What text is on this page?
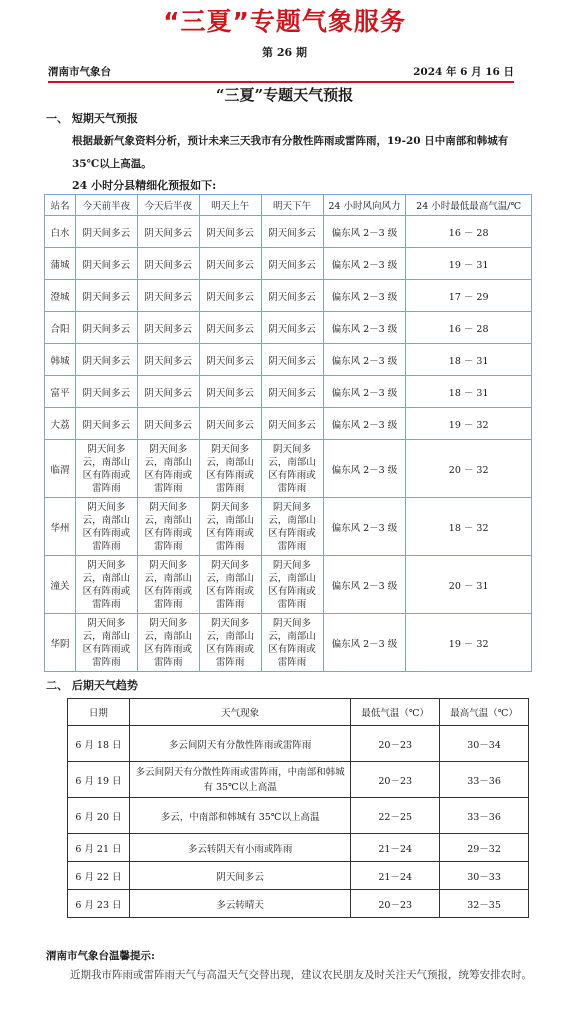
“三夏”专题气象服务
第 26 期
渭南市气象台	2024 年 6 月 16 日
“三夏”专题天气预报
一、 短期天气预报
根据最新气象资料分析，预计未来三天我市有分散性阵雨或雷阵雨，19-20 日中南部和韩城有 35℃以上高温。
24 小时分县精细化预报如下:
站名	今天前半夜	今天后半夜	明天上午	明天下午	24 小时风向风力	24 小时最低最高气温/℃
白水	阴天间多云	阴天间多云	阴天间多云	阴天间多云	偏东风 2－3 级	16 － 28
蒲城	阴天间多云	阴天间多云	阴天间多云	阴天间多云	偏东风 2－3 级	19 － 31
澄城	阴天间多云	阴天间多云	阴天间多云	阴天间多云	偏东风 2－3 级	17 － 29
合阳	阴天间多云	阴天间多云	阴天间多云	阴天间多云	偏东风 2－3 级	16 － 28
韩城	阴天间多云	阴天间多云	阴天间多云	阴天间多云	偏东风 2－3 级	18 － 31
富平	阴天间多云	阴天间多云	阴天间多云	阴天间多云	偏东风 2－3 级	18 － 31
大荔	阴天间多云	阴天间多云	阴天间多云	阴天间多云	偏东风 2－3 级	19 － 32
临渭	阴天间多云，南部山区有阵雨或雷阵雨	阴天间多云，南部山区有阵雨或雷阵雨	阴天间多云，南部山区有阵雨或雷阵雨	阴天间多云，南部山区有阵雨或雷阵雨	偏东风 2－3 级	20 － 32
华州	阴天间多云，南部山区有阵雨或雷阵雨	阴天间多云，南部山区有阵雨或雷阵雨	阴天间多云，南部山区有阵雨或雷阵雨	阴天间多云，南部山区有阵雨或雷阵雨	偏东风 2－3 级	18 － 32
潼关	阴天间多云，南部山区有阵雨或雷阵雨	阴天间多云，南部山区有阵雨或雷阵雨	阴天间多云，南部山区有阵雨或雷阵雨	阴天间多云，南部山区有阵雨或雷阵雨	偏东风 2－3 级	20 － 31
华阴	阴天间多云，南部山区有阵雨或雷阵雨	阴天间多云，南部山区有阵雨或雷阵雨	阴天间多云，南部山区有阵雨或雷阵雨	阴天间多云，南部山区有阵雨或雷阵雨	偏东风 2－3 级	19 － 32
二、 后期天气趋势
日期	天气现象	最低气温（℃）	最高气温（℃）
6 月 18 日	多云间阴天有分散性阵雨或雷阵雨	20－23	30－34
6 月 19 日	多云间阴天有分散性阵雨或雷阵雨，中南部和韩城有 35℃以上高温	20－23	33－36
6 月 20 日	多云，中南部和韩城有 35℃以上高温	22－25	33－36
6 月 21 日	多云转阴天有小雨或阵雨	21－24	29－32
6 月 22 日	阴天间多云	21－24	30－33
6 月 23 日	多云转晴天	20－23	32－35
渭南市气象台温馨提示:
近期我市阵雨或雷阵雨天气与高温天气交替出现，建议农民朋友及时关注天气预报，统筹安排农时。
